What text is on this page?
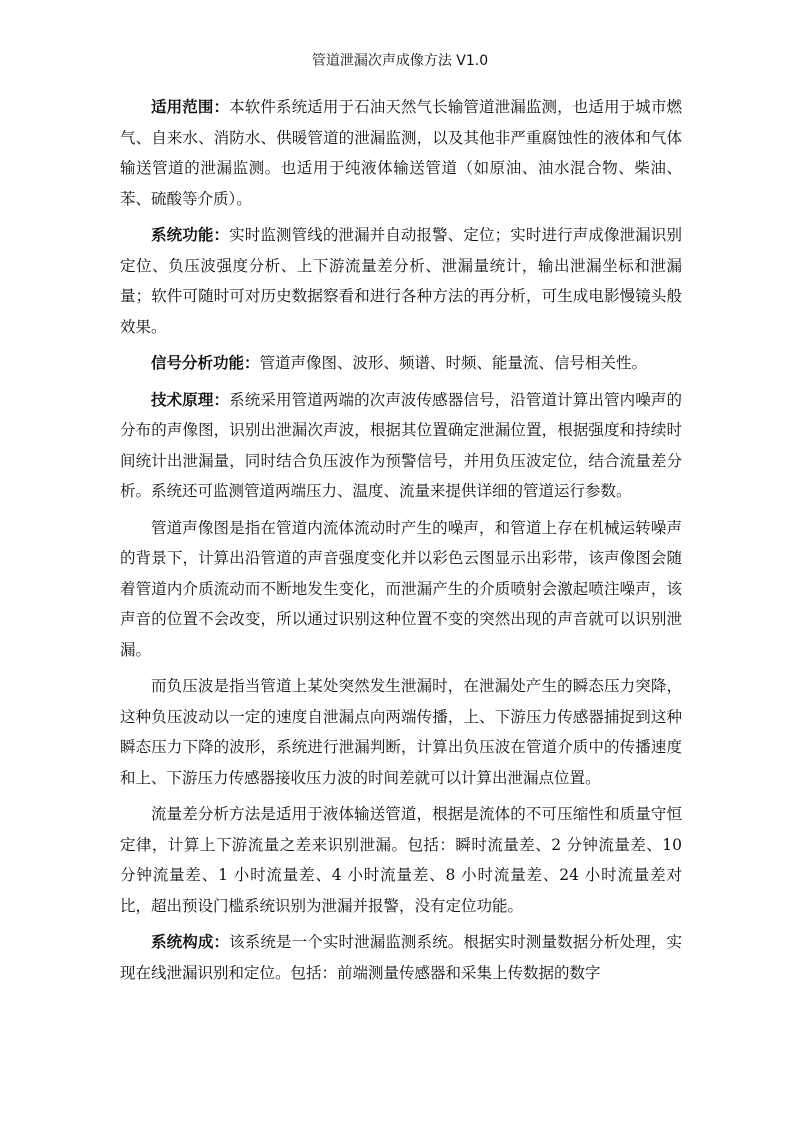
管道泄漏次声成像方法 V1.0

适用范围：本软件系统适用于石油天然气长输管道泄漏监测，也适用于城市燃气、自来水、消防水、供暖管道的泄漏监测，以及其他非严重腐蚀性的液体和气体输送管道的泄漏监测。也适用于纯液体输送管道（如原油、油水混合物、柴油、苯、硫酸等介质）。

系统功能：实时监测管线的泄漏并自动报警、定位；实时进行声成像泄漏识别定位、负压波强度分析、上下游流量差分析、泄漏量统计，输出泄漏坐标和泄漏量；软件可随时可对历史数据察看和进行各种方法的再分析，可生成电影慢镜头般效果。

信号分析功能：管道声像图、波形、频谱、时频、能量流、信号相关性。

技术原理：系统采用管道两端的次声波传感器信号，沿管道计算出管内噪声的分布的声像图，识别出泄漏次声波，根据其位置确定泄漏位置，根据强度和持续时间统计出泄漏量，同时结合负压波作为预警信号，并用负压波定位，结合流量差分析。系统还可监测管道两端压力、温度、流量来提供详细的管道运行参数。

管道声像图是指在管道内流体流动时产生的噪声，和管道上存在机械运转噪声的背景下，计算出沿管道的声音强度变化并以彩色云图显示出彩带，该声像图会随着管道内介质流动而不断地发生变化，而泄漏产生的介质喷射会激起喷注噪声，该声音的位置不会改变，所以通过识别这种位置不变的突然出现的声音就可以识别泄漏。

而负压波是指当管道上某处突然发生泄漏时，在泄漏处产生的瞬态压力突降，这种负压波动以一定的速度自泄漏点向两端传播，上、下游压力传感器捕捉到这种瞬态压力下降的波形，系统进行泄漏判断，计算出负压波在管道介质中的传播速度和上、下游压力传感器接收压力波的时间差就可以计算出泄漏点位置。

流量差分析方法是适用于液体输送管道，根据是流体的不可压缩性和质量守恒定律，计算上下游流量之差来识别泄漏。包括：瞬时流量差、2 分钟流量差、10 分钟流量差、1 小时流量差、4 小时流量差、8 小时流量差、24 小时流量差对比，超出预设门槛系统识别为泄漏并报警，没有定位功能。

系统构成：该系统是一个实时泄漏监测系统。根据实时测量数据分析处理，实现在线泄漏识别和定位。包括：前端测量传感器和采集上传数据的数字
